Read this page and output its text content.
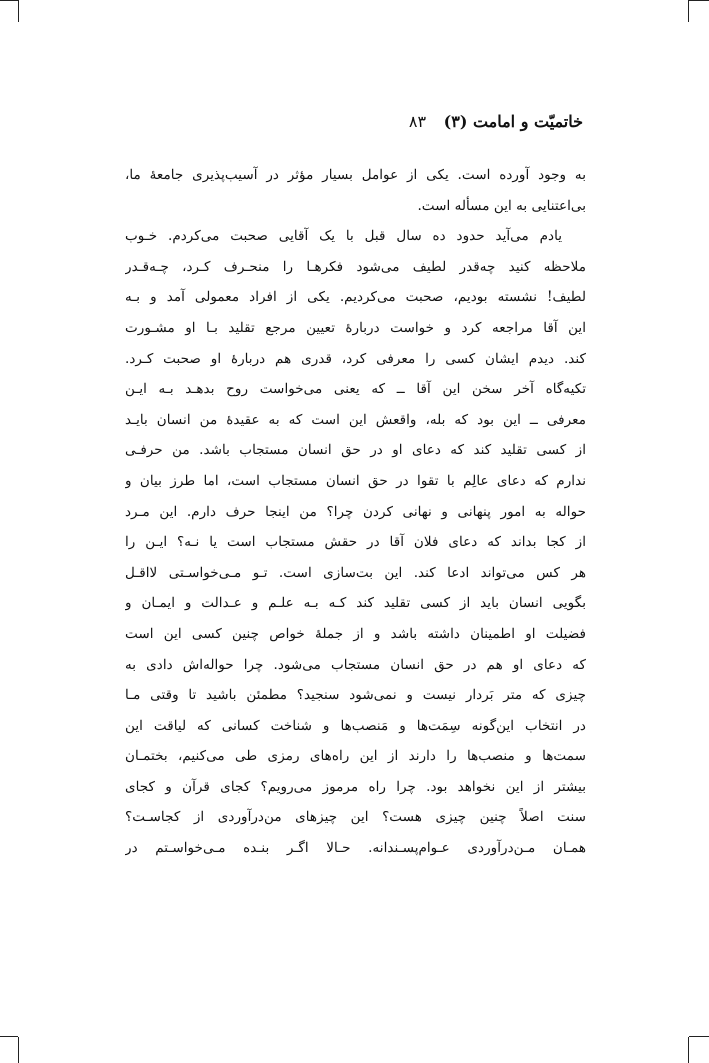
خاتمیّت و امامت (۳) ۸۳
به وجود آورده است. یکی از عوامل بسیار مؤثر در آسیب‌پذیری جامعهٔ ما،
بی‌اعتنایی به این مسأله است.
یادم می‌آید حدود ده سال قبل با یک آقایی صحبت می‌کردم. خـوب
ملاحظه کنید چه‌قدر لطیف می‌شود فکرهـا را منحـرف کـرد، چـه‌قـدر
لطیف! نشسته بودیم، صحبت می‌کردیم. یکی از افراد معمولی آمد و بـه
این آقا مراجعه کرد و خواست دربارهٔ تعیین مرجع تقلید بـا او مشـورت
کند. دیدم ایشان کسی را معرفی کرد، قدری هم دربارهٔ او صحبت کـرد.
تکیه‌گاه آخر سخن این آقا ــ که یعنی می‌خواست روح بدهـد بـه ایـن
معرفی ــ این بود که بله، واقعش این است که به عقیدهٔ من انسان بایـد
از کسی تقلید کند که دعای او در حق انسان مستجاب باشد. من حرفـی
ندارم که دعای عالِم با تقوا در حق انسان مستجاب است، اما طرز بیان و
حواله به امور پنهانی و نهانی کردن چرا؟ من اینجا حرف دارم. این مـرد
از کجا بداند که دعای فلان آقا در حقش مستجاب است یا نـه؟ ایـن را
هر کس می‌تواند ادعا کند. این بت‌سازی است. تـو مـی‌خواسـتی لااقـل
بگویی انسان باید از کسی تقلید کند کـه بـه علـم و عـدالت و ایمـان و
فضیلت او اطمینان داشته باشد و از جملهٔ خواص چنین کسی این است
که دعای او هم در حق انسان مستجاب می‌شود. چرا حواله‌اش دادی به
چیزی که متر بَردار نیست و نمی‌شود سنجید؟ مطمئن باشید تا وقتی مـا
در انتخاب این‌گونه سِمَت‌ها و مَنصب‌ها و شناخت کسانی که لیاقت این
سمت‌ها و منصب‌ها را دارند از این راه‌های رمزی طی می‌کنیم، بختمـان
بیشتر از این نخواهد بود. چرا راه مرموز می‌رویم؟ کجای قرآن و کجای
سنت اصلاً چنین چیزی هست؟ این چیزهای من‌درآوردی از کجاسـت؟
همـان مـن‌درآوردی عـوام‌پسـندانه. حـالا اگـر بنـده مـی‌خواسـتم در
